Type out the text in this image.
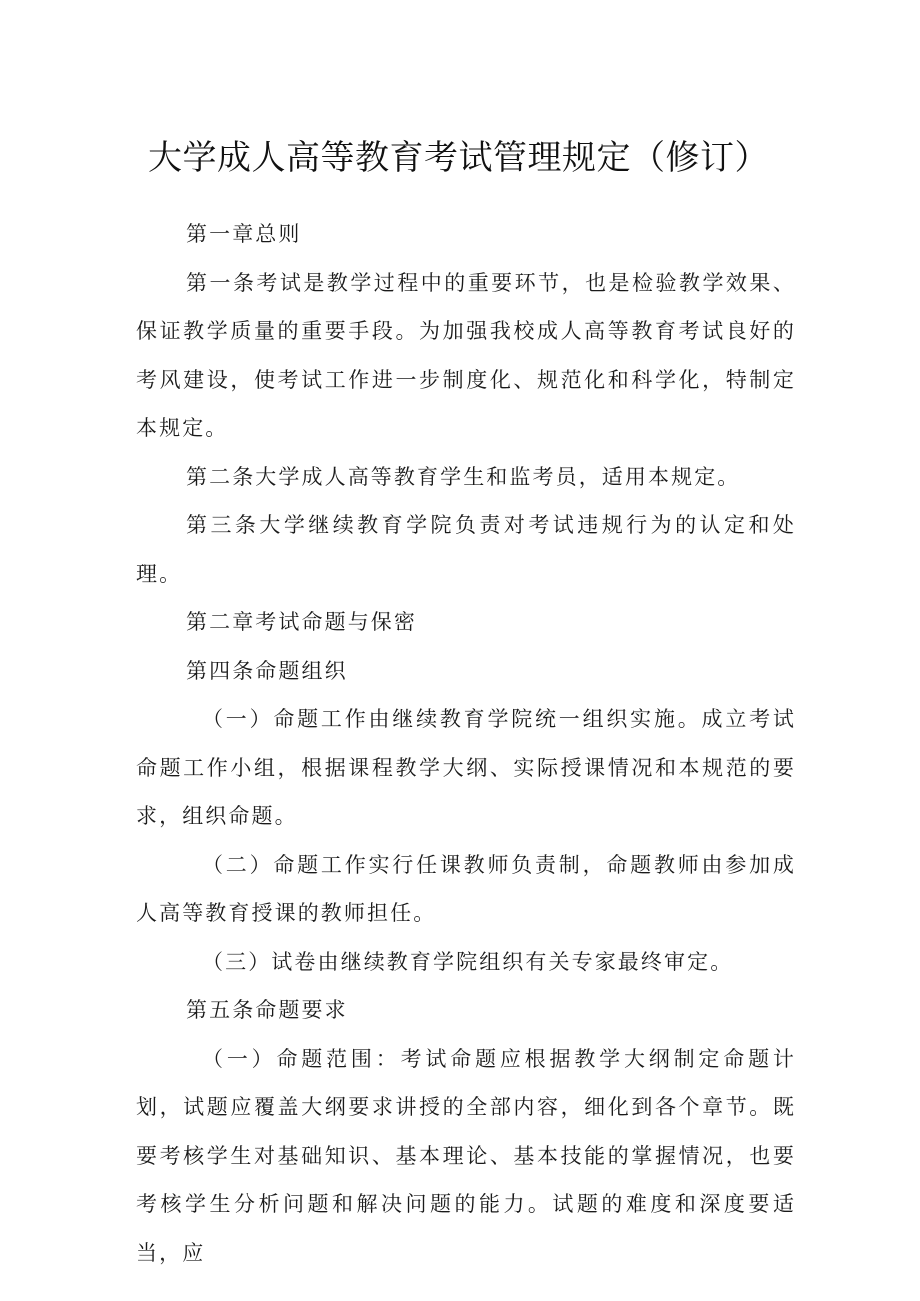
大学成人高等教育考试管理规定（修订）

第一章总则

第一条考试是教学过程中的重要环节，也是检验教学效果、保证教学质量的重要手段。为加强我校成人高等教育考试良好的考风建设，使考试工作进一步制度化、规范化和科学化，特制定本规定。

第二条大学成人高等教育学生和监考员，适用本规定。

第三条大学继续教育学院负责对考试违规行为的认定和处理。

第二章考试命题与保密

第四条命题组织

（一）命题工作由继续教育学院统一组织实施。成立考试命题工作小组，根据课程教学大纲、实际授课情况和本规范的要求，组织命题。

（二）命题工作实行任课教师负责制，命题教师由参加成人高等教育授课的教师担任。

（三）试卷由继续教育学院组织有关专家最终审定。

第五条命题要求

（一）命题范围：考试命题应根据教学大纲制定命题计划，试题应覆盖大纲要求讲授的全部内容，细化到各个章节。既要考核学生对基础知识、基本理论、基本技能的掌握情况，也要考核学生分析问题和解决问题的能力。试题的难度和深度要适当，应
